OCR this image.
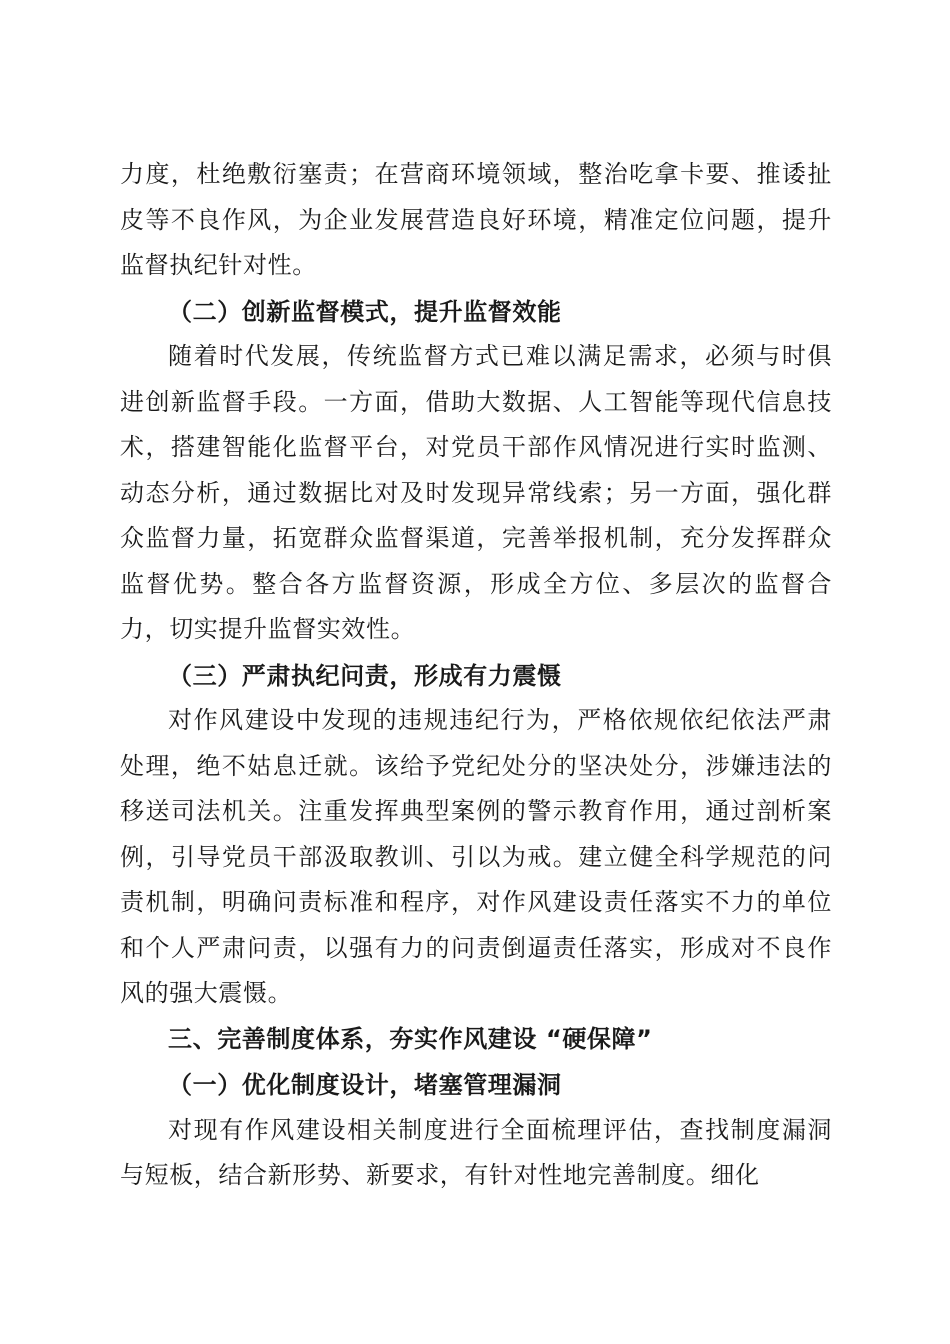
力度，杜绝敷衍塞责；在营商环境领域，整治吃拿卡要、推诿扯皮等不良作风，为企业发展营造良好环境，精准定位问题，提升监督执纪针对性。

（二）创新监督模式，提升监督效能

随着时代发展，传统监督方式已难以满足需求，必须与时俱进创新监督手段。一方面，借助大数据、人工智能等现代信息技术，搭建智能化监督平台，对党员干部作风情况进行实时监测、动态分析，通过数据比对及时发现异常线索；另一方面，强化群众监督力量，拓宽群众监督渠道，完善举报机制，充分发挥群众监督优势。整合各方监督资源，形成全方位、多层次的监督合力，切实提升监督实效性。

（三）严肃执纪问责，形成有力震慑

对作风建设中发现的违规违纪行为，严格依规依纪依法严肃处理，绝不姑息迁就。该给予党纪处分的坚决处分，涉嫌违法的移送司法机关。注重发挥典型案例的警示教育作用，通过剖析案例，引导党员干部汲取教训、引以为戒。建立健全科学规范的问责机制，明确问责标准和程序，对作风建设责任落实不力的单位和个人严肃问责，以强有力的问责倒逼责任落实，形成对不良作风的强大震慑。

三、完善制度体系，夯实作风建设 “硬保障”

（一）优化制度设计，堵塞管理漏洞

对现有作风建设相关制度进行全面梳理评估，查找制度漏洞与短板，结合新形势、新要求，有针对性地完善制度。细化
